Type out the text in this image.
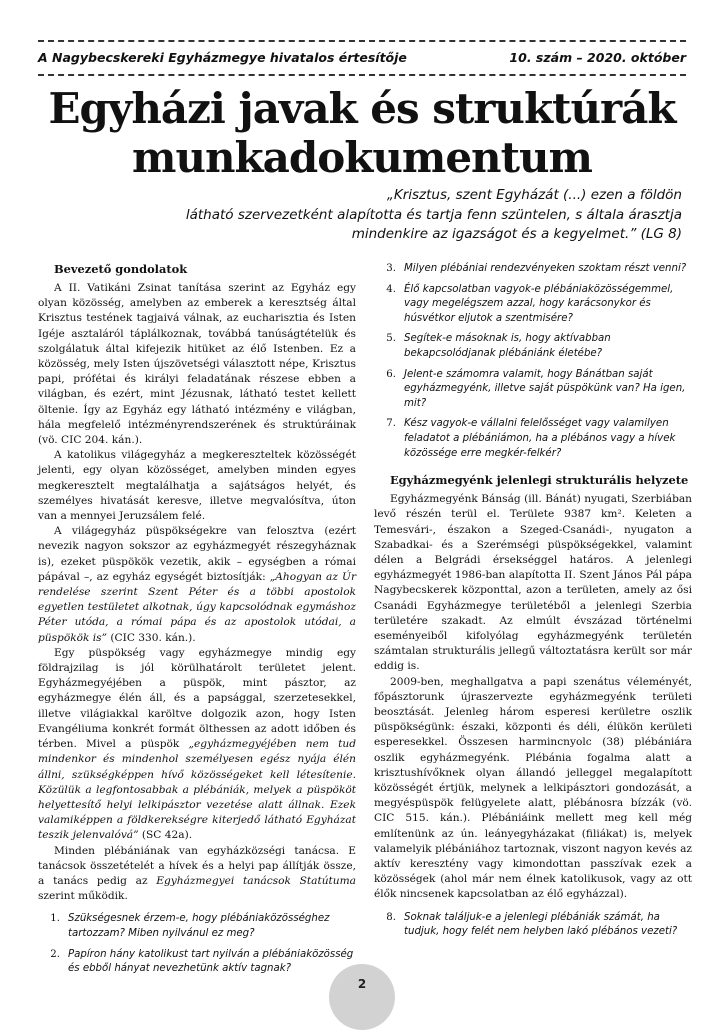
A Nagybecskereki Egyházmegye hivatalos értesítője	10. szám – 2020. október
Egyházi javak és struktúrák
munkadokumentum
„Krisztus, szent Egyházát (...) ezen a földön
látható szervezetként alapította és tartja fenn szüntelen, s általa árasztja
mindenkire az igazságot és a kegyelmet.” (LG 8)
Bevezető gondolatok

A II. Vatikáni Zsinat tanítása szerint az Egyház egy olyan közösség, amelyben az emberek a keresztség által Krisztus testének tagjaivá válnak, az eucharisztia és Isten Igéje asztaláról táplálkoznak, továbbá tanúságtételük és szolgálatuk által kifejezik hitüket az élő Istenben. Ez a közösség, mely Isten újszövetségi választott népe, Krisztus papi, prófétai és királyi feladatának részese ebben a világban, és ezért, mint Jézusnak, látható testet kellett öltenie. Így az Egyház egy látható intézmény e világban, hála megfelelő intézményrendszerének és struktúráinak (vö. CIC 204. kán.).

A katolikus világegyház a megkereszteltek közösségét jelenti, egy olyan közösséget, amelyben minden egyes megkeresztelt megtalálhatja a sajátságos helyét, és személyes hivatását keresve, illetve megvalósítva, úton van a mennyei Jeruzsálem felé.

A világegyház püspökségekre van felosztva (ezért nevezik nagyon sokszor az egyházmegyét részegyháznak is), ezeket püspökök vezetik, akik – egységben a római pápával –, az egyház egységét biztosítják: „Ahogyan az Úr rendelése szerint Szent Péter és a többi apostolok egyetlen testületet alkotnak, úgy kapcsolódnak egymáshoz Péter utóda, a római pápa és az apostolok utódai, a püspökök is” (CIC 330. kán.).

Egy püspökség vagy egyházmegye mindig egy földrajzilag is jól körülhatárolt területet jelent. Egyházmegyéjében a püspök, mint pásztor, az egyházmegye élén áll, és a papsággal, szerzetesekkel, illetve világiakkal karöltve dolgozik azon, hogy Isten Evangéliuma konkrét formát ölthessen az adott időben és térben. Mivel a püspök „egyházmegyéjében nem tud mindenkor és mindenhol személyesen egész nyája élén állni, szükségképpen hívő közösségeket kell létesítenie. Közülük a legfontosabbak a plébániák, melyek a püspököt helyettesítő helyi lelkipásztor vezetése alatt állnak. Ezek valamiképpen a földkerekségre kiterjedő látható Egyházat teszik jelenvalóvá” (SC 42a).

Minden plébániának van egyházközségi tanácsa. E tanácsok összetételét a hívek és a helyi pap állítják össze, a tanács pedig az Egyházmegyei tanácsok Statútuma szerint működik.

1. Szükségesnek érzem-e, hogy plébániaközösséghez tartozzam? Miben nyilvánul ez meg?
2. Papíron hány katolikust tart nyilván a plébániaközösség és ebből hányat nevezhetünk aktív tagnak?
3. Milyen plébániai rendezvényeken szoktam részt venni?
4. Élő kapcsolatban vagyok-e plébániaközösségemmel, vagy megelégszem azzal, hogy karácsonykor és húsvétkor eljutok a szentmisére?
5. Segítek-e másoknak is, hogy aktívabban bekapcsolódjanak plébániánk életébe?
6. Jelent-e számomra valamit, hogy Bánátban saját egyházmegyénk, illetve saját püspökünk van? Ha igen, mit?
7. Kész vagyok-e vállalni felelősséget vagy valamilyen feladatot a plébániámon, ha a plébános vagy a hívek közössége erre megkér-felkér?
Egyházmegyénk jelenlegi strukturális helyzete

Egyházmegyénk Bánság (ill. Bánát) nyugati, Szerbiában levő részén terül el. Területe 9387 km². Keleten a Temesvári-, északon a Szeged-Csanádi-, nyugaton a Szabadkai- és a Szerémségi püspökségekkel, valamint délen a Belgrádi érsekséggel határos. A jelenlegi egyházmegyét 1986-ban alapította II. Szent János Pál pápa Nagybecskerek központtal, azon a területen, amely az ősi Csanádi Egyházmegye területéből a jelenlegi Szerbia területére szakadt. Az elmúlt évszázad történelmi eseményeiből kifolyólag egyházmegyénk területén számtalan strukturális jellegű változtatásra került sor már eddig is.

2009-ben, meghallgatva a papi szenátus véleményét, főpásztorunk újraszervezte egyházmegyénk területi beosztását. Jelenleg három esperesi kerületre oszlik püspökségünk: északi, központi és déli, élükön kerületi esperesekkel. Összesen harmincnyolc (38) plébániára oszlik egyházmegyénk. Plébánia fogalma alatt a krisztushívőknek olyan állandó jelleggel megalapított közösségét értjük, melynek a lelkipásztori gondozását, a megyéspüspök felügyelete alatt, plébánosra bízzák (vö. CIC 515. kán.). Plébániáink mellett meg kell még említenünk az ún. leányegyházakat (filiákat) is, melyek valamelyik plébániához tartoznak, viszont nagyon kevés az aktív keresztény vagy kimondottan passzívak ezek a közösségek (ahol már nem élnek katolikusok, vagy az ott élők nincsenek kapcsolatban az élő egyházzal).

8. Soknak találjuk-e a jelenlegi plébániák számát, ha tudjuk, hogy felét nem helyben lakó plébános vezeti?
2
